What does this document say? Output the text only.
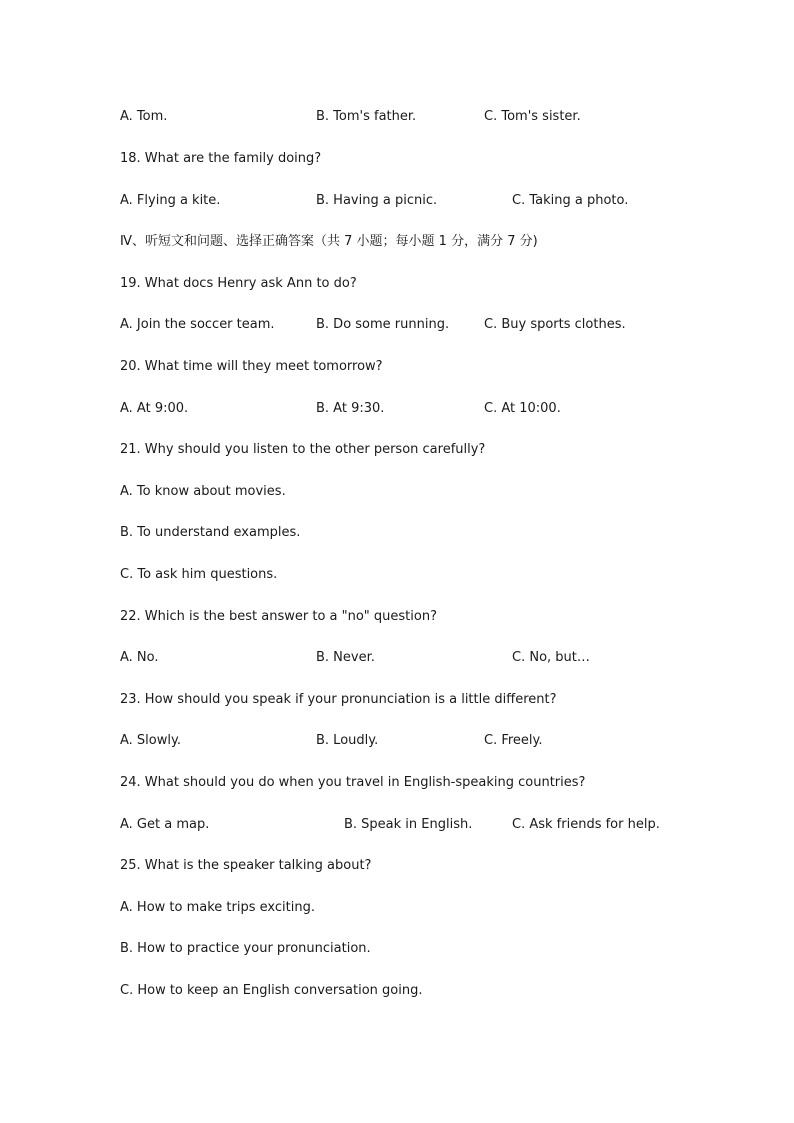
A. Tom.	B. Tom's father.	C. Tom's sister.
18. What are the family doing?
A. Flying a kite.	B. Having a picnic.	C. Taking a photo.
Ⅳ、听短文和问题、选择正确答案（共 7 小题；每小题 1 分，满分 7 分)
19. What docs Henry ask Ann to do?
A. Join the soccer team.	B. Do some running.	C. Buy sports clothes.
20. What time will they meet tomorrow?
A. At 9:00.	B. At 9:30.	C. At 10:00.
21. Why should you listen to the other person carefully?
A. To know about movies.
B. To understand examples.
C. To ask him questions.
22. Which is the best answer to a "no" question?
A. No.	B. Never.	C. No, but…
23. How should you speak if your pronunciation is a little different?
A. Slowly.	B. Loudly.	C. Freely.
24. What should you do when you travel in English-speaking countries?
A. Get a map.	B. Speak in English.	C. Ask friends for help.
25. What is the speaker talking about?
A. How to make trips exciting.
B. How to practice your pronunciation.
C. How to keep an English conversation going.
